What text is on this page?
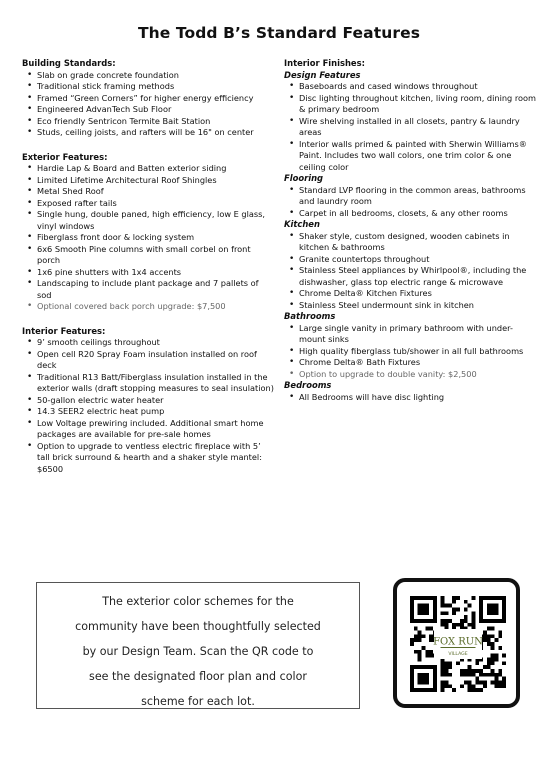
The Todd B’s Standard Features
Building Standards:
• Slab on grade concrete foundation
• Traditional stick framing methods
• Framed “Green Corners” for higher energy efficiency
• Engineered AdvanTech Sub Floor
• Eco friendly Sentricon Termite Bait Station
• Studs, ceiling joists, and rafters will be 16" on center
Exterior Features:
• Hardie Lap & Board and Batten exterior siding
• Limited Lifetime Architectural Roof Shingles
• Metal Shed Roof
• Exposed rafter tails
• Single hung, double paned, high efficiency, low E glass, vinyl windows
• Fiberglass front door & locking system
• 6x6 Smooth Pine columns with small corbel on front porch
• 1x6 pine shutters with 1x4 accents
• Landscaping to include plant package and 7 pallets of sod
• Optional covered back porch upgrade: $7,500
Interior Features:
• 9’ smooth ceilings throughout
• Open cell R20 Spray Foam insulation installed on roof deck
• Traditional R13 Batt/Fiberglass insulation installed in the exterior walls (draft stopping measures to seal insulation)
• 50-gallon electric water heater
• 14.3 SEER2 electric heat pump
• Low Voltage prewiring included. Additional smart home packages are available for pre-sale homes
• Option to upgrade to ventless electric fireplace with 5’ tall brick surround & hearth and a shaker style mantel: $6500
Interior Finishes:
Design Features
• Baseboards and cased windows throughout
• Disc lighting throughout kitchen, living room, dining room & primary bedroom
• Wire shelving installed in all closets, pantry & laundry areas
• Interior walls primed & painted with Sherwin Williams® Paint. Includes two wall colors, one trim color & one ceiling color
Flooring
• Standard LVP flooring in the common areas, bathrooms and laundry room
• Carpet in all bedrooms, closets, & any other rooms
Kitchen
• Shaker style, custom designed, wooden cabinets in kitchen & bathrooms
• Granite countertops throughout
• Stainless Steel appliances by Whirlpool®, including the dishwasher, glass top electric range & microwave
• Chrome Delta® Kitchen Fixtures
• Stainless Steel undermount sink in kitchen
Bathrooms
• Large single vanity in primary bathroom with under-mount sinks
• High quality fiberglass tub/shower in all full bathrooms
• Chrome Delta® Bath Fixtures
• Option to upgrade to double vanity: $2,500
Bedrooms
• All Bedrooms will have disc lighting
The exterior color schemes for the
community have been thoughtfully selected
by our Design Team. Scan the QR code to
see the designated floor plan and color
scheme for each lot.
FOX RUN
VILLAGE
